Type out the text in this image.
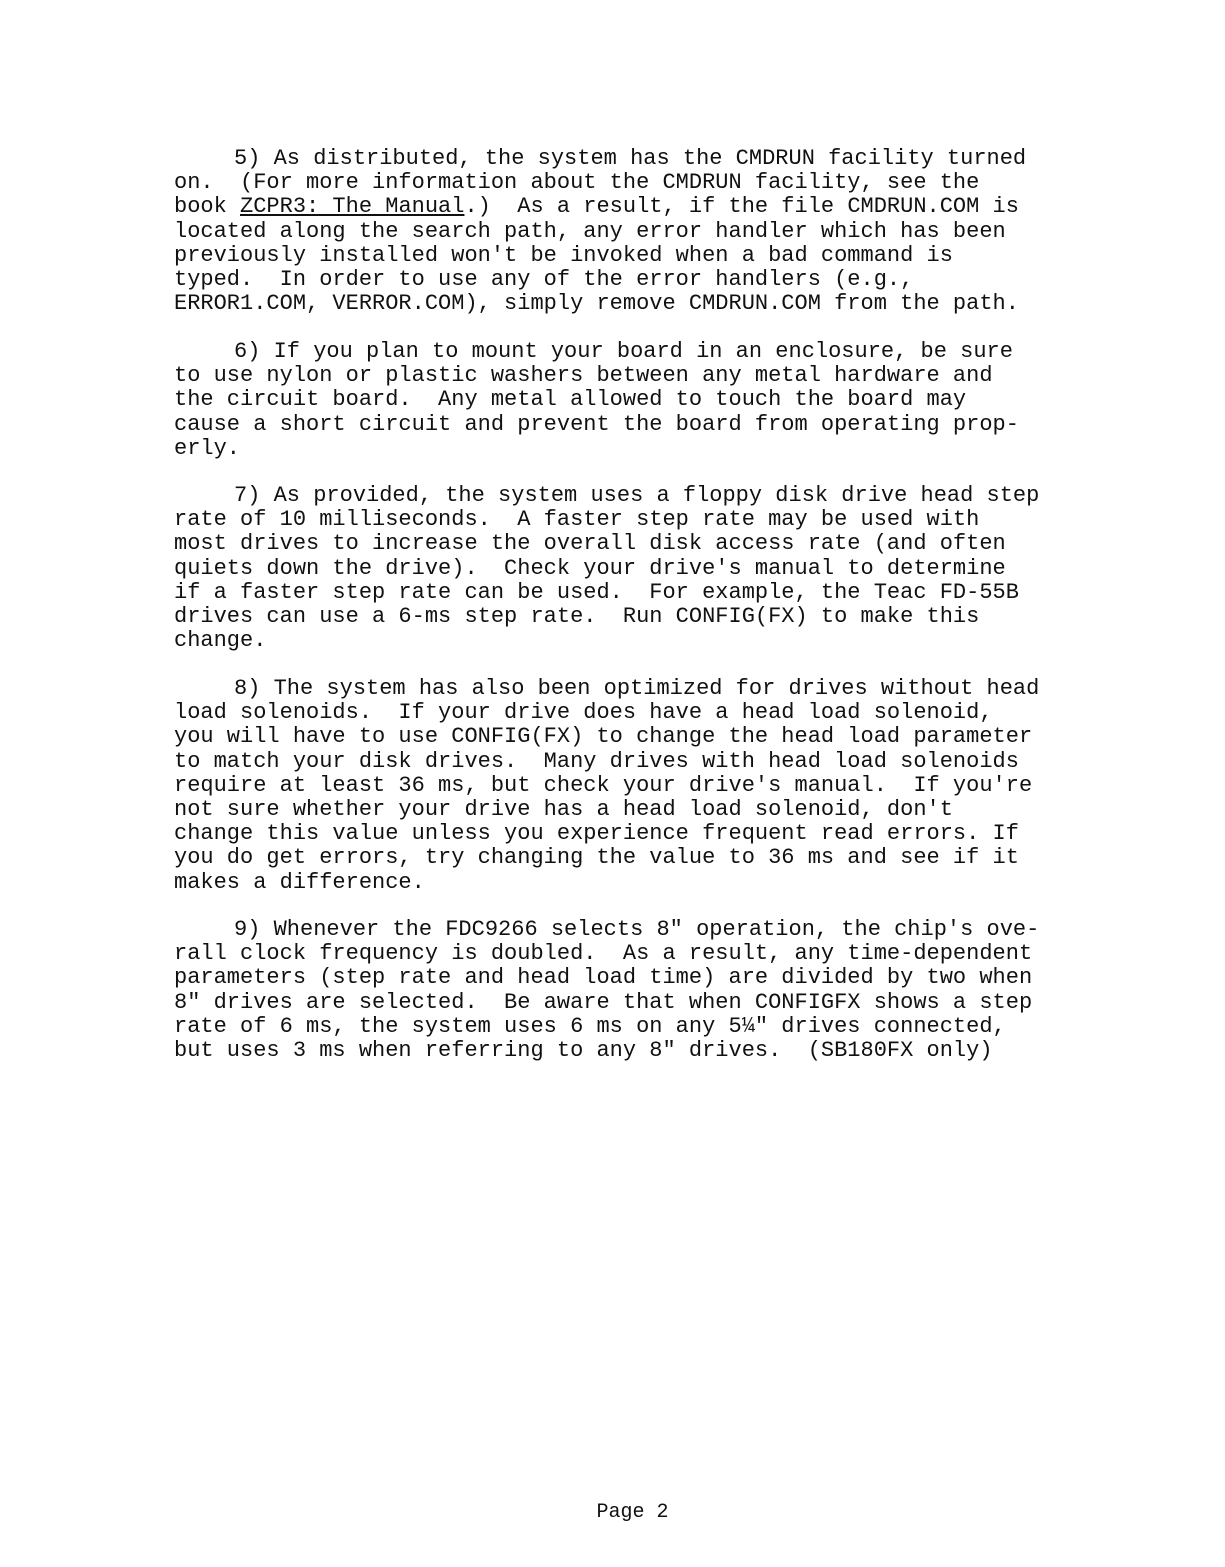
5) As distributed, the system has the CMDRUN facility turned
on.  (For more information about the CMDRUN facility, see the
book ZCPR3: The Manual.)  As a result, if the file CMDRUN.COM is
located along the search path, any error handler which has been
previously installed won't be invoked when a bad command is
typed.  In order to use any of the error handlers (e.g.,
ERROR1.COM, VERROR.COM), simply remove CMDRUN.COM from the path.

6) If you plan to mount your board in an enclosure, be sure
to use nylon or plastic washers between any metal hardware and
the circuit board.  Any metal allowed to touch the board may
cause a short circuit and prevent the board from operating prop-
erly.

7) As provided, the system uses a floppy disk drive head step
rate of 10 milliseconds.  A faster step rate may be used with
most drives to increase the overall disk access rate (and often
quiets down the drive).  Check your drive's manual to determine
if a faster step rate can be used.  For example, the Teac FD-55B
drives can use a 6-ms step rate.  Run CONFIG(FX) to make this
change.

8) The system has also been optimized for drives without head
load solenoids.  If your drive does have a head load solenoid,
you will have to use CONFIG(FX) to change the head load parameter
to match your disk drives.  Many drives with head load solenoids
require at least 36 ms, but check your drive's manual.  If you're
not sure whether your drive has a head load solenoid, don't
change this value unless you experience frequent read errors. If
you do get errors, try changing the value to 36 ms and see if it
makes a difference.

9) Whenever the FDC9266 selects 8" operation, the chip's ove-
rall clock frequency is doubled.  As a result, any time-dependent
parameters (step rate and head load time) are divided by two when
8" drives are selected.  Be aware that when CONFIGFX shows a step
rate of 6 ms, the system uses 6 ms on any 5¼" drives connected,
but uses 3 ms when referring to any 8" drives.  (SB180FX only)

Page 2
